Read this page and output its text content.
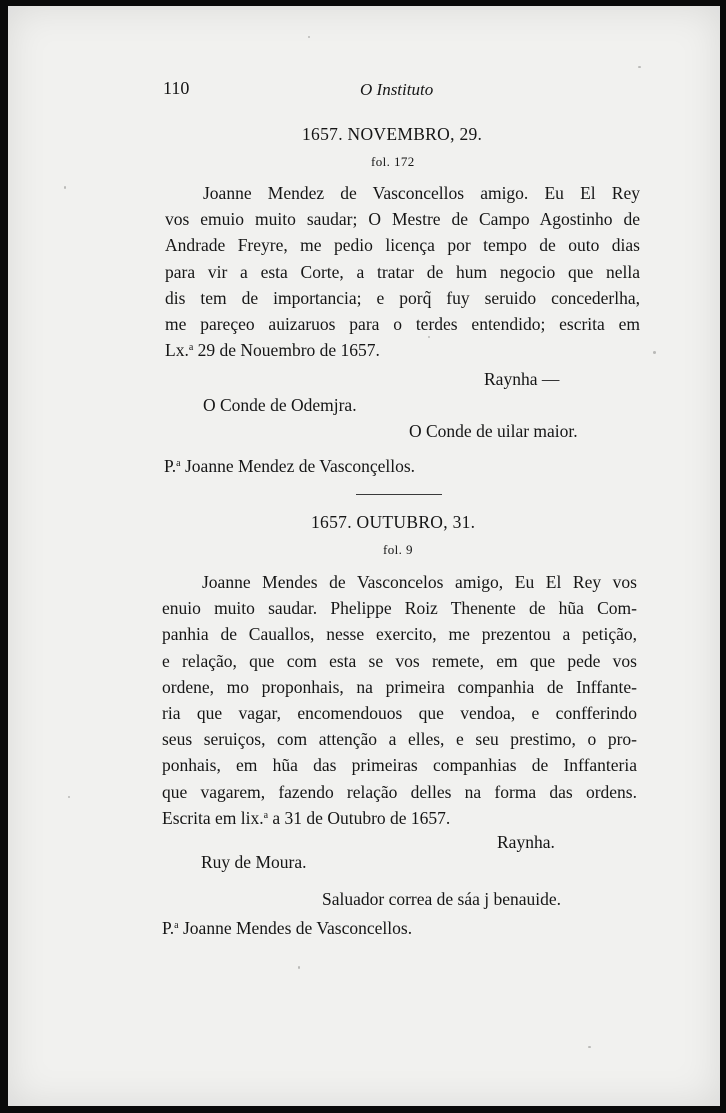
110	O Instituto
1657. NOVEMBRO, 29.
fol. 172
Joanne Mendez de Vasconcellos amigo. Eu El Rey
vos emuio muito saudar; O Mestre de Campo Agostinho de
Andrade Freyre, me pedio licença por tempo de outo dias
para vir a esta Corte, a tratar de hum negocio que nella
dis tem de importancia; e porq̃ fuy seruido concederlha,
me pareçeo auizaruos para o terdes entendido; escrita em
Lx.$^a$ 29 de Nouembro de 1657.
Raynha —
O Conde de Odemjra.
O Conde de uilar maior.
P.$^a$ Joanne Mendez de Vasconçellos.
1657. OUTUBRO, 31.
fol. 9
Joanne Mendes de Vasconcelos amigo, Eu El Rey vos
enuio muito saudar. Phelippe Roiz Thenente de hũa Com-
panhia de Cauallos, nesse exercito, me prezentou a petição,
e relação, que com esta se vos remete, em que pede vos
ordene, mo proponhais, na primeira companhia de Inffante-
ria que vagar, encomendouos que vendoa, e confferindo
seus seruiços, com attenção a elles, e seu prestimo, o pro-
ponhais, em hũa das primeiras companhias de Inffanteria
que vagarem, fazendo relação delles na forma das ordens.
Escrita em lix.$^a$ a 31 de Outubro de 1657.
Raynha.
Ruy de Moura.
Saluador correa de sáa j benauide.
P.$^a$ Joanne Mendes de Vasconcellos.
